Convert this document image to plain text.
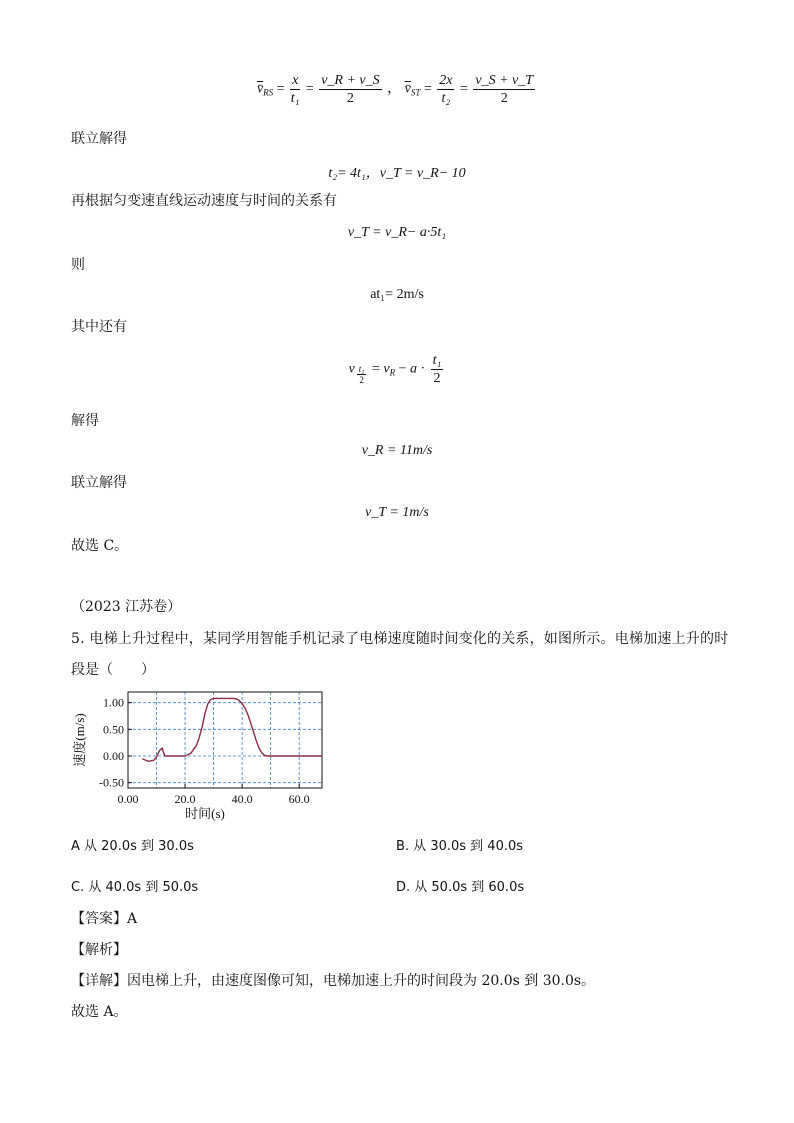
$v̄_{RS} = \frac{x}{\text{t₁}} = \frac{v\_R + v\_S}{2}$ ， $v̄_{ST} = \frac{2x}{\text{t₂}} = \frac{v\_S + v\_T}{2}$
联立解得
t₂= 4t₁，v_T = v_R− 10
再根据匀变速直线运动速度与时间的关系有
v_T = v_R− a·5t₁
则
at₁= 2m/s
其中还有
v $\frac{\text{t₁}}{2} = v_R - a \cdot \frac{\text{t₁}}{2}$
解得
v_R = 11m/s
联立解得
v_T = 1m/s
故选 C。
（2023 江苏卷）
5. 电梯上升过程中，某同学用智能手机记录了电梯速度随时间变化的关系，如图所示。电梯加速上升的时
段是（　　）
0.00	20.0	40.0	60.0
1.00
0.50
0.00
-0.50
时间(s)
速度(m/s)
A 从 20.0s 到 30.0s	B. 从 30.0s 到 40.0s
C. 从 40.0s 到 50.0s	D. 从 50.0s 到 60.0s
【答案】A
【解析】
【详解】因电梯上升，由速度图像可知，电梯加速上升的时间段为 20.0s 到 30.0s。
故选 A。
